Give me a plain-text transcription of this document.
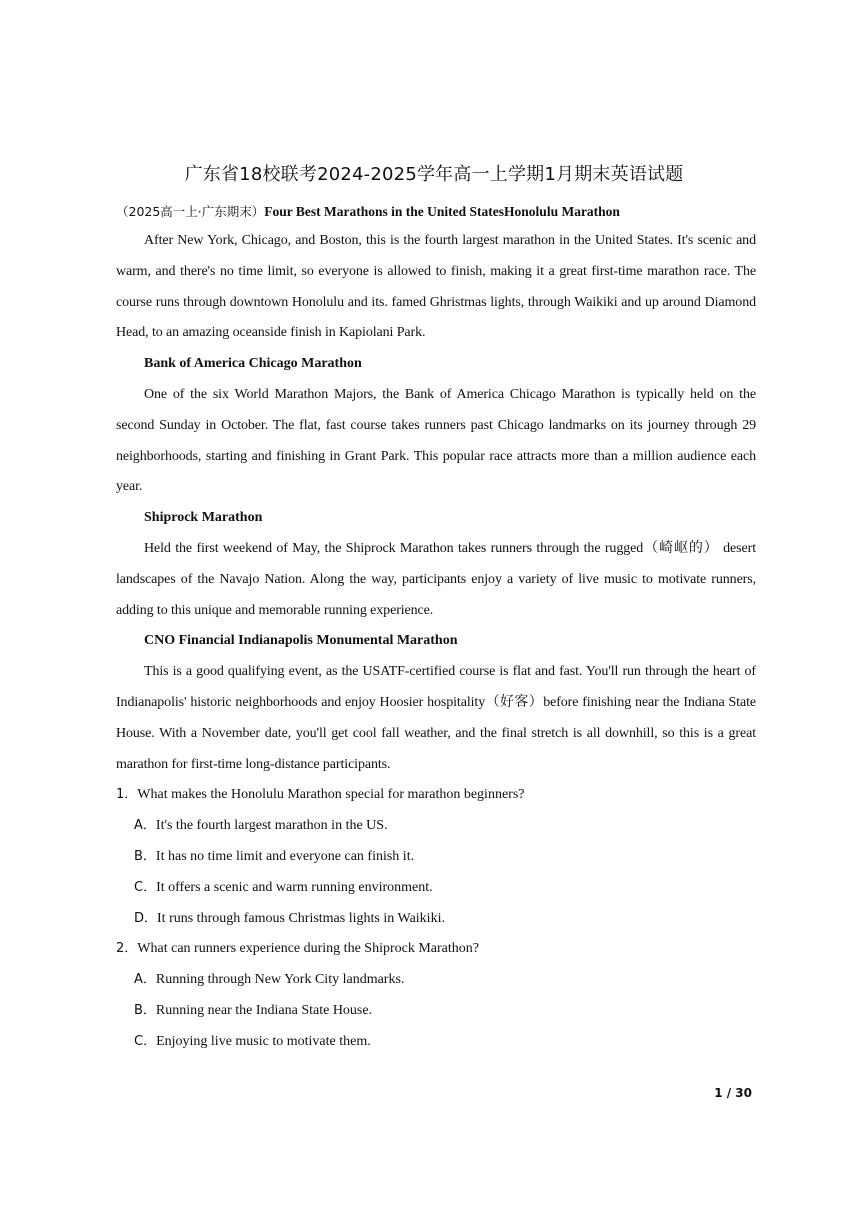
广东省18校联考2024-2025学年高一上学期1月期末英语试题
（2025高一上·广东期末）Four Best Marathons in the United StatesHonolulu Marathon

After New York, Chicago, and Boston, this is the fourth largest marathon in the United States. It's scenic and warm, and there's no time limit, so everyone is allowed to finish, making it a great first-time marathon race. The course runs through downtown Honolulu and its. famed Ghristmas lights, through Waikiki and up around Diamond Head, to an amazing oceanside finish in Kapiolani Park.

Bank of America Chicago Marathon

One of the six World Marathon Majors, the Bank of America Chicago Marathon is typically held on the second Sunday in October. The flat, fast course takes runners past Chicago landmarks on its journey through 29 neighborhoods, starting and finishing in Grant Park. This popular race attracts more than a million audience each year.

Shiprock Marathon

Held the first weekend of May, the Shiprock Marathon takes runners through the rugged（崎岖的） desert landscapes of the Navajo Nation. Along the way, participants enjoy a variety of live music to motivate runners, adding to this unique and memorable running experience.

CNO Financial Indianapolis Monumental Marathon

This is a good qualifying event, as the USATF-certified course is flat and fast. You'll run through the heart of Indianapolis' historic neighborhoods and enjoy Hoosier hospitality（好客）before finishing near the Indiana State House. With a November date, you'll get cool fall weather, and the final stretch is all downhill, so this is a great marathon for first-time long-distance participants.

1．What makes the Honolulu Marathon special for marathon beginners?

A．It's the fourth largest marathon in the US.

B．It has no time limit and everyone can finish it.

C．It offers a scenic and warm running environment.

D．It runs through famous Christmas lights in Waikiki.

2．What can runners experience during the Shiprock Marathon?

A．Running through New York City landmarks.

B．Running near the Indiana State House.

C．Enjoying live music to motivate them.

1 / 30
